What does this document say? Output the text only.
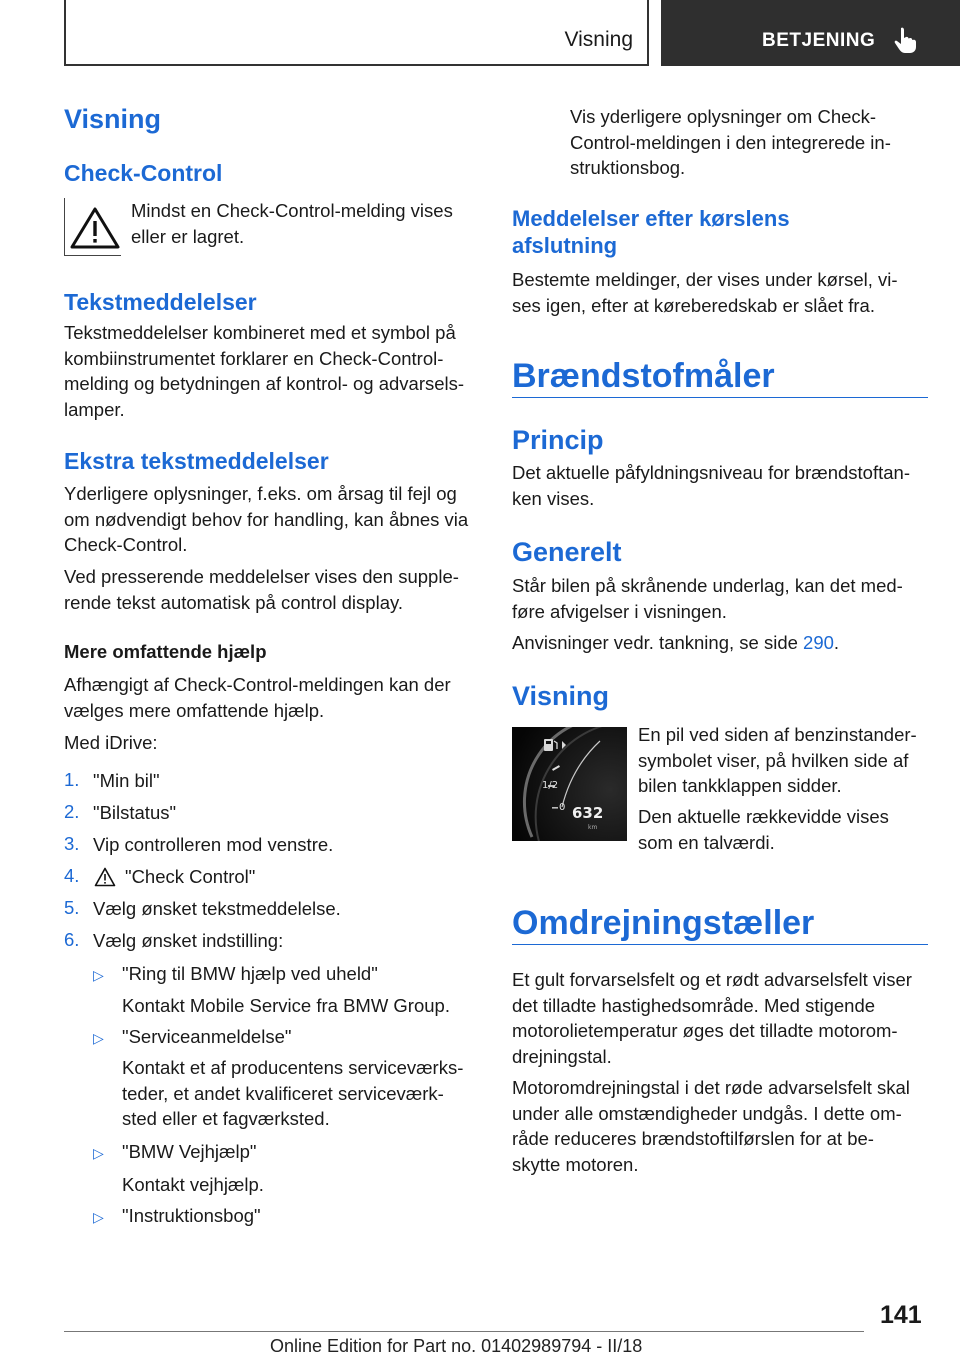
Visning	BETJENING
Visning
Check-Control
Mindst en Check-Control-melding vises
eller er lagret.
Tekstmeddelelser
Tekstmeddelelser kombineret med et symbol på
kombiinstrumentet forklarer en Check-Control-
melding og betydningen af kontrol- og advarsels-
lamper.
Ekstra tekstmeddelelser
Yderligere oplysninger, f.eks. om årsag til fejl og
om nødvendigt behov for handling, kan åbnes via
Check-Control.
Ved presserende meddelelser vises den supple-
rende tekst automatisk på control display.
Mere omfattende hjælp
Afhængigt af Check-Control-meldingen kan der
vælges mere omfattende hjælp.
Med iDrive:
1. "Min bil"
2. "Bilstatus"
3. Vip controlleren mod venstre.
4. "Check Control"
5. Vælg ønsket tekstmeddelelse.
6. Vælg ønsket indstilling:
▷ "Ring til BMW hjælp ved uheld"
Kontakt Mobile Service fra BMW Group.
▷ "Serviceanmeldelse"
Kontakt et af producentens serviceværks-
teder, et andet kvalificeret serviceværk-
sted eller et fagværksted.
▷ "BMW Vejhjælp"
Kontakt vejhjælp.
▷ "Instruktionsbog"
Vis yderligere oplysninger om Check-
Control-meldingen i den integrerede in-
struktionsbog.
Meddelelser efter kørslens
afslutning
Bestemte meldinger, der vises under kørsel, vi-
ses igen, efter at køreberedskab er slået fra.
Brændstofmåler
Princip
Det aktuelle påfyldningsniveau for brændstoftan-
ken vises.
Generelt
Står bilen på skrånende underlag, kan det med-
føre afvigelser i visningen.
Anvisninger vedr. tankning, se side 290.
Visning
1/2
0 632
km
En pil ved siden af benzinstander-
symbolet viser, på hvilken side af
bilen tankklappen sidder.
Den aktuelle rækkevidde vises
som en talværdi.
Omdrejningstæller
Et gult forvarselsfelt og et rødt advarselsfelt viser
det tilladte hastighedsområde. Med stigende
motorolietemperatur øges det tilladte motorom-
drejningstal.
Motoromdrejningstal i det røde advarselsfelt skal
under alle omstændigheder undgås. I dette om-
råde reduceres brændstoftilførslen for at be-
skytte motoren.
141
Online Edition for Part no. 01402989794 - II/18
